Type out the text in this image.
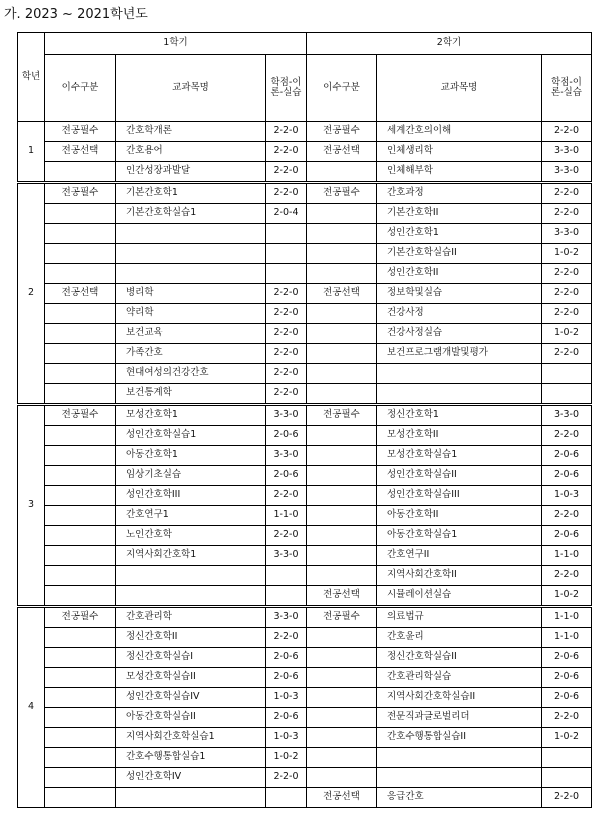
가. 2023 ~ 2021학년도
학년	1학기			2학기		
	이수구분	교과목명	학점-이론-실습	이수구분	교과목명	학점-이론-실습
1	전공필수	간호학개론	2-2-0	전공필수	세계간호의이해	2-2-0
	전공선택	간호용어	2-2-0	전공선택	인체생리학	3-3-0
		인간성장과발달	2-2-0		인체해부학	3-3-0
2	전공필수	기본간호학1	2-2-0	전공필수	간호과정	2-2-0
		기본간호학실습1	2-0-4		기본간호학II	2-2-0
					성인간호학1	3-3-0
					기본간호학실습II	1-0-2
					성인간호학II	2-2-0
	전공선택	병리학	2-2-0	전공선택	정보학및실습	2-2-0
		약리학	2-2-0		건강사정	2-2-0
		보건교육	2-2-0		건강사정실습	1-0-2
		가족간호	2-2-0		보건프로그램개발및평가	2-2-0
		현대여성의건강간호	2-2-0			
		보건통계학	2-2-0			
3	전공필수	모성간호학1	3-3-0	전공필수	정신간호학1	3-3-0
		성인간호학실습1	2-0-6		모성간호학II	2-2-0
		아동간호학1	3-3-0		모성간호학실습1	2-0-6
		임상기초실습	2-0-6		성인간호학실습II	2-0-6
		성인간호학III	2-2-0		성인간호학실습III	1-0-3
		간호연구1	1-1-0		아동간호학II	2-2-0
		노인간호학	2-2-0		아동간호학실습1	2-0-6
		지역사회간호학1	3-3-0		간호연구II	1-1-0
					지역사회간호학II	2-2-0
				전공선택	시뮬레이션실습	1-0-2
4	전공필수	간호관리학	3-3-0	전공필수	의료법규	1-1-0
		정신간호학II	2-2-0		간호윤리	1-1-0
		정신간호학실습I	2-0-6		정신간호학실습II	2-0-6
		모성간호학실습II	2-0-6		간호관리학실습	2-0-6
		성인간호학실습IV	1-0-3		지역사회간호학실습II	2-0-6
		아동간호학실습II	2-0-6		전문직과글로벌리더	2-2-0
		지역사회간호학실습1	1-0-3		간호수행통합실습II	1-0-2
		간호수행통합실습1	1-0-2			
		성인간호학IV	2-2-0			
				전공선택	응급간호	2-2-0
